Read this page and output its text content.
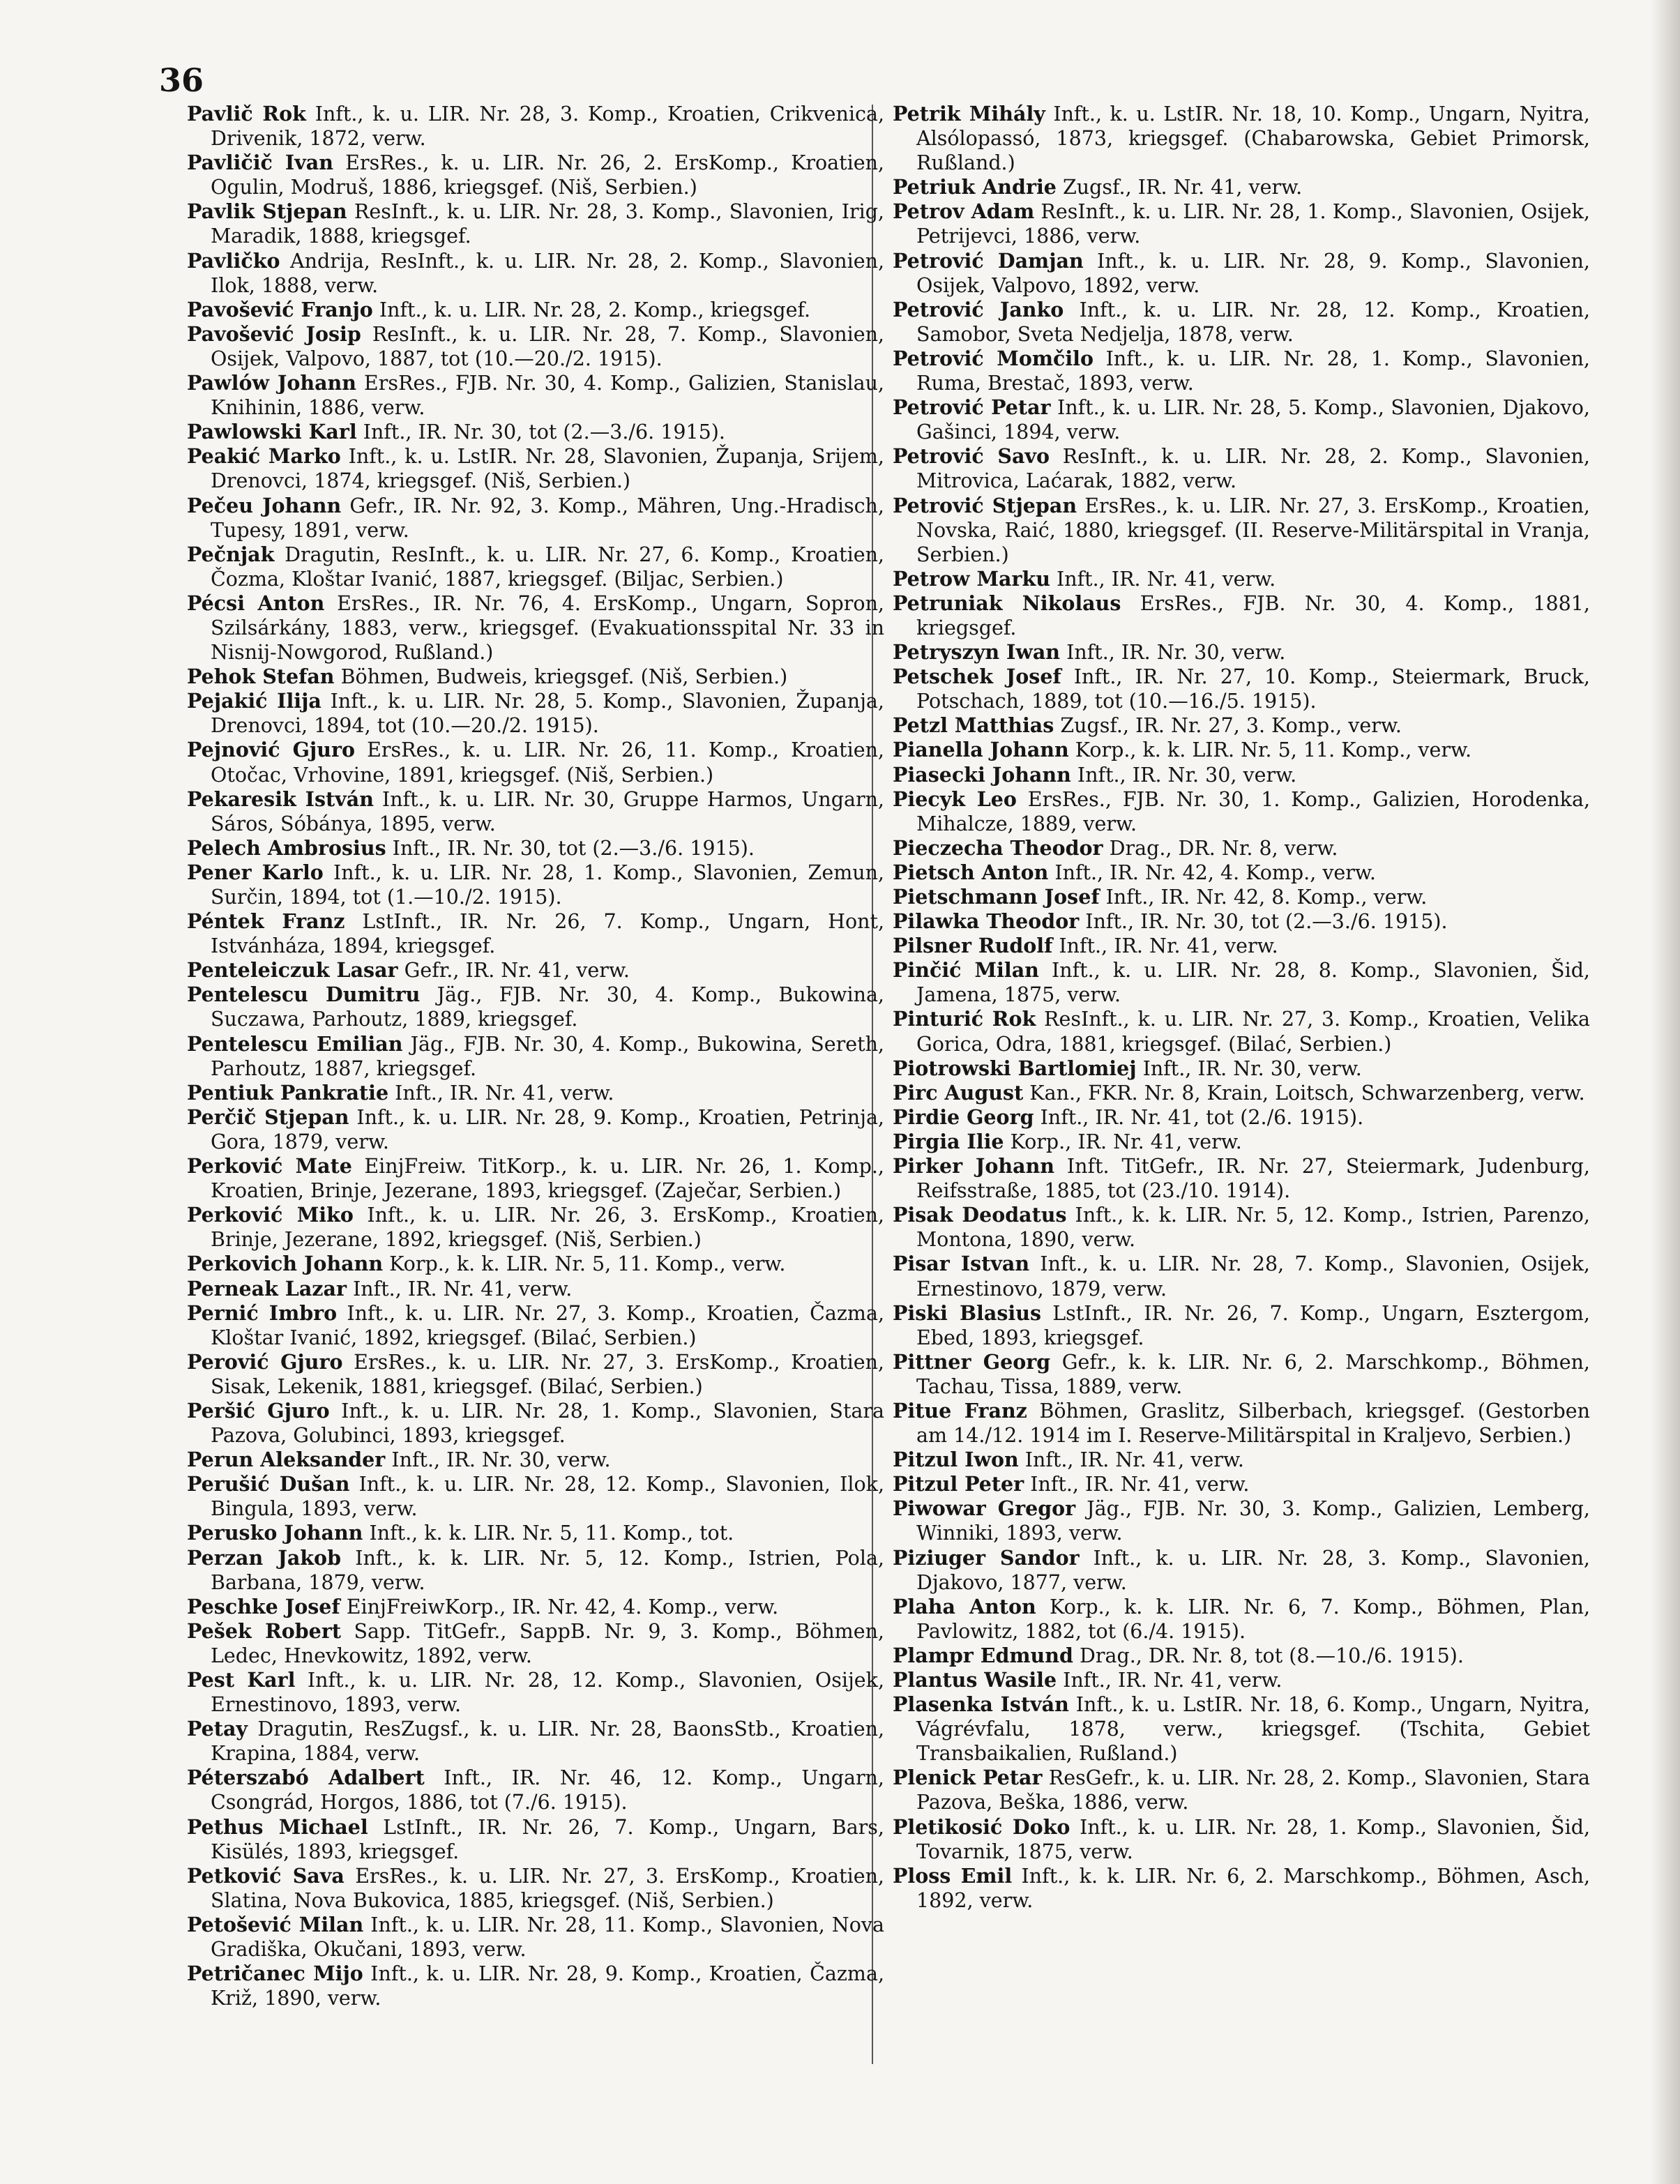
36
Pavlič Rok Inft., k. u. LIR. Nr. 28, 3. Komp., Kroatien, Crikvenica, Drivenik, 1872, verw.
Pavličič Ivan ErsRes., k. u. LIR. Nr. 26, 2. ErsKomp., Kroatien, Ogulin, Modruš, 1886, kriegsgef. (Niš, Serbien.)
Pavlik Stjepan ResInft., k. u. LIR. Nr. 28, 3. Komp., Slavonien, Irig, Maradik, 1888, kriegsgef.
Pavličko Andrija, ResInft., k. u. LIR. Nr. 28, 2. Komp., Slavonien, Ilok, 1888, verw.
Pavošević Franjo Inft., k. u. LIR. Nr. 28, 2. Komp., kriegsgef.
Pavošević Josip ResInft., k. u. LIR. Nr. 28, 7. Komp., Slavonien, Osijek, Valpovo, 1887, tot (10.—20./2. 1915).
Pawlów Johann ErsRes., FJB. Nr. 30, 4. Komp., Galizien, Stanislau, Knihinin, 1886, verw.
Pawlowski Karl Inft., IR. Nr. 30, tot (2.—3./6. 1915).
Peakić Marko Inft., k. u. LstIR. Nr. 28, Slavonien, Županja, Srijem, Drenovci, 1874, kriegsgef. (Niš, Serbien.)
Pečeu Johann Gefr., IR. Nr. 92, 3. Komp., Mähren, Ung.-Hradisch, Tupesy, 1891, verw.
Pečnjak Dragutin, ResInft., k. u. LIR. Nr. 27, 6. Komp., Kroatien, Čozma, Kloštar Ivanić, 1887, kriegsgef. (Biljac, Serbien.)
Pécsi Anton ErsRes., IR. Nr. 76, 4. ErsKomp., Ungarn, Sopron, Szilsárkány, 1883, verw., kriegsgef. (Evakuationsspital Nr. 33 in Nisnij-Nowgorod, Rußland.)
Pehok Stefan Böhmen, Budweis, kriegsgef. (Niš, Serbien.)
Pejakić Ilija Inft., k. u. LIR. Nr. 28, 5. Komp., Slavonien, Županja, Drenovci, 1894, tot (10.—20./2. 1915).
Pejnović Gjuro ErsRes., k. u. LIR. Nr. 26, 11. Komp., Kroatien, Otočac, Vrhovine, 1891, kriegsgef. (Niš, Serbien.)
Pekaresik István Inft., k. u. LIR. Nr. 30, Gruppe Harmos, Ungarn, Sáros, Sóbánya, 1895, verw.
Pelech Ambrosius Inft., IR. Nr. 30, tot (2.—3./6. 1915).
Pener Karlo Inft., k. u. LIR. Nr. 28, 1. Komp., Slavonien, Zemun, Surčin, 1894, tot (1.—10./2. 1915).
Péntek Franz LstInft., IR. Nr. 26, 7. Komp., Ungarn, Hont, Istvánháza, 1894, kriegsgef.
Penteleiczuk Lasar Gefr., IR. Nr. 41, verw.
Pentelescu Dumitru Jäg., FJB. Nr. 30, 4. Komp., Bukowina, Suczawa, Parhoutz, 1889, kriegsgef.
Pentelescu Emilian Jäg., FJB. Nr. 30, 4. Komp., Bukowina, Sereth, Parhoutz, 1887, kriegsgef.
Pentiuk Pankratie Inft., IR. Nr. 41, verw.
Perčič Stjepan Inft., k. u. LIR. Nr. 28, 9. Komp., Kroatien, Petrinja, Gora, 1879, verw.
Perković Mate EinjFreiw. TitKorp., k. u. LIR. Nr. 26, 1. Komp., Kroatien, Brinje, Jezerane, 1893, kriegsgef. (Zaječar, Serbien.)
Perković Miko Inft., k. u. LIR. Nr. 26, 3. ErsKomp., Kroatien, Brinje, Jezerane, 1892, kriegsgef. (Niš, Serbien.)
Perkovich Johann Korp., k. k. LIR. Nr. 5, 11. Komp., verw.
Perneak Lazar Inft., IR. Nr. 41, verw.
Pernić Imbro Inft., k. u. LIR. Nr. 27, 3. Komp., Kroatien, Čazma, Kloštar Ivanić, 1892, kriegsgef. (Bilać, Serbien.)
Perović Gjuro ErsRes., k. u. LIR. Nr. 27, 3. ErsKomp., Kroatien, Sisak, Lekenik, 1881, kriegsgef. (Bilać, Serbien.)
Peršić Gjuro Inft., k. u. LIR. Nr. 28, 1. Komp., Slavonien, Stara Pazova, Golubinci, 1893, kriegsgef.
Perun Aleksander Inft., IR. Nr. 30, verw.
Perušić Dušan Inft., k. u. LIR. Nr. 28, 12. Komp., Slavonien, Ilok, Bingula, 1893, verw.
Perusko Johann Inft., k. k. LIR. Nr. 5, 11. Komp., tot.
Perzan Jakob Inft., k. k. LIR. Nr. 5, 12. Komp., Istrien, Pola, Barbana, 1879, verw.
Peschke Josef EinjFreiwKorp., IR. Nr. 42, 4. Komp., verw.
Pešek Robert Sapp. TitGefr., SappB. Nr. 9, 3. Komp., Böhmen, Ledec, Hnevkowitz, 1892, verw.
Pest Karl Inft., k. u. LIR. Nr. 28, 12. Komp., Slavonien, Osijek, Ernestinovo, 1893, verw.
Petay Dragutin, ResZugsf., k. u. LIR. Nr. 28, BaonsStb., Kroatien, Krapina, 1884, verw.
Péterszabó Adalbert Inft., IR. Nr. 46, 12. Komp., Ungarn, Csongrád, Horgos, 1886, tot (7./6. 1915).
Pethus Michael LstInft., IR. Nr. 26, 7. Komp., Ungarn, Bars, Kisülés, 1893, kriegsgef.
Petković Sava ErsRes., k. u. LIR. Nr. 27, 3. ErsKomp., Kroatien, Slatina, Nova Bukovica, 1885, kriegsgef. (Niš, Serbien.)
Petošević Milan Inft., k. u. LIR. Nr. 28, 11. Komp., Slavonien, Nova Gradiška, Okučani, 1893, verw.
Petričanec Mijo Inft., k. u. LIR. Nr. 28, 9. Komp., Kroatien, Čazma, Križ, 1890, verw.
Petrik Mihály Inft., k. u. LstIR. Nr. 18, 10. Komp., Ungarn, Nyitra, Alsólopassó, 1873, kriegsgef. (Chabarowska, Gebiet Primorsk, Rußland.)
Petriuk Andriе Zugsf., IR. Nr. 41, verw.
Petrov Adam ResInft., k. u. LIR. Nr. 28, 1. Komp., Slavonien, Osijek, Petrijevci, 1886, verw.
Petrović Damjan Inft., k. u. LIR. Nr. 28, 9. Komp., Slavonien, Osijek, Valpovo, 1892, verw.
Petrović Janko Inft., k. u. LIR. Nr. 28, 12. Komp., Kroatien, Samobor, Sveta Nedjelja, 1878, verw.
Petrović Momčilo Inft., k. u. LIR. Nr. 28, 1. Komp., Slavonien, Ruma, Brestač, 1893, verw.
Petrović Petar Inft., k. u. LIR. Nr. 28, 5. Komp., Slavonien, Djakovo, Gašinci, 1894, verw.
Petrović Savo ResInft., k. u. LIR. Nr. 28, 2. Komp., Slavonien, Mitrovica, Laćarak, 1882, verw.
Petrović Stjepan ErsRes., k. u. LIR. Nr. 27, 3. ErsKomp., Kroatien, Novska, Raić, 1880, kriegsgef. (II. Reserve-Militärspital in Vranja, Serbien.)
Petrow Marku Inft., IR. Nr. 41, verw.
Petruniak Nikolaus ErsRes., FJB. Nr. 30, 4. Komp., 1881, kriegsgef.
Petryszyn Iwan Inft., IR. Nr. 30, verw.
Petschek Josef Inft., IR. Nr. 27, 10. Komp., Steiermark, Bruck, Potschach, 1889, tot (10.—16./5. 1915).
Petzl Matthias Zugsf., IR. Nr. 27, 3. Komp., verw.
Pianella Johann Korp., k. k. LIR. Nr. 5, 11. Komp., verw.
Piasecki Johann Inft., IR. Nr. 30, verw.
Piecyk Leo ErsRes., FJB. Nr. 30, 1. Komp., Galizien, Horodenka, Mihalcze, 1889, verw.
Pieczecha Theodor Drag., DR. Nr. 8, verw.
Pietsch Anton Inft., IR. Nr. 42, 4. Komp., verw.
Pietschmann Josef Inft., IR. Nr. 42, 8. Komp., verw.
Pilawka Theodor Inft., IR. Nr. 30, tot (2.—3./6. 1915).
Pilsner Rudolf Inft., IR. Nr. 41, verw.
Pinčić Milan Inft., k. u. LIR. Nr. 28, 8. Komp., Slavonien, Šid, Jamena, 1875, verw.
Pinturić Rok ResInft., k. u. LIR. Nr. 27, 3. Komp., Kroatien, Velika Gorica, Odra, 1881, kriegsgef. (Bilać, Serbien.)
Piotrowski Bartlomiej Inft., IR. Nr. 30, verw.
Pirc August Kan., FKR. Nr. 8, Krain, Loitsch, Schwarzenberg, verw.
Pirdie Georg Inft., IR. Nr. 41, tot (2./6. 1915).
Pirgia Ilie Korp., IR. Nr. 41, verw.
Pirker Johann Inft. TitGefr., IR. Nr. 27, Steiermark, Judenburg, Reifsstraße, 1885, tot (23./10. 1914).
Pisak Deodatus Inft., k. k. LIR. Nr. 5, 12. Komp., Istrien, Parenzo, Montona, 1890, verw.
Pisar Istvan Inft., k. u. LIR. Nr. 28, 7. Komp., Slavonien, Osijek, Ernestinovo, 1879, verw.
Piski Blasius LstInft., IR. Nr. 26, 7. Komp., Ungarn, Esztergom, Ebed, 1893, kriegsgef.
Pittner Georg Gefr., k. k. LIR. Nr. 6, 2. Marschkomp., Böhmen, Tachau, Tissa, 1889, verw.
Pitue Franz Böhmen, Graslitz, Silberbach, kriegsgef. (Gestorben am 14./12. 1914 im I. Reserve-Militärspital in Kraljevo, Serbien.)
Pitzul Iwon Inft., IR. Nr. 41, verw.
Pitzul Peter Inft., IR. Nr. 41, verw.
Piwowar Gregor Jäg., FJB. Nr. 30, 3. Komp., Galizien, Lemberg, Winniki, 1893, verw.
Piziuger Sandor Inft., k. u. LIR. Nr. 28, 3. Komp., Slavonien, Djakovo, 1877, verw.
Plaha Anton Korp., k. k. LIR. Nr. 6, 7. Komp., Böhmen, Plan, Pavlowitz, 1882, tot (6./4. 1915).
Plampr Edmund Drag., DR. Nr. 8, tot (8.—10./6. 1915).
Plantus Wasile Inft., IR. Nr. 41, verw.
Plasenka István Inft., k. u. LstIR. Nr. 18, 6. Komp., Ungarn, Nyitra, Vágrévfalu, 1878, verw., kriegsgef. (Tschita, Gebiet Transbaikalien, Rußland.)
Plenick Petar ResGefr., k. u. LIR. Nr. 28, 2. Komp., Slavonien, Stara Pazova, Beška, 1886, verw.
Pletikosić Doko Inft., k. u. LIR. Nr. 28, 1. Komp., Slavonien, Šid, Tovarnik, 1875, verw.
Ploss Emil Inft., k. k. LIR. Nr. 6, 2. Marschkomp., Böhmen, Asch, 1892, verw.
